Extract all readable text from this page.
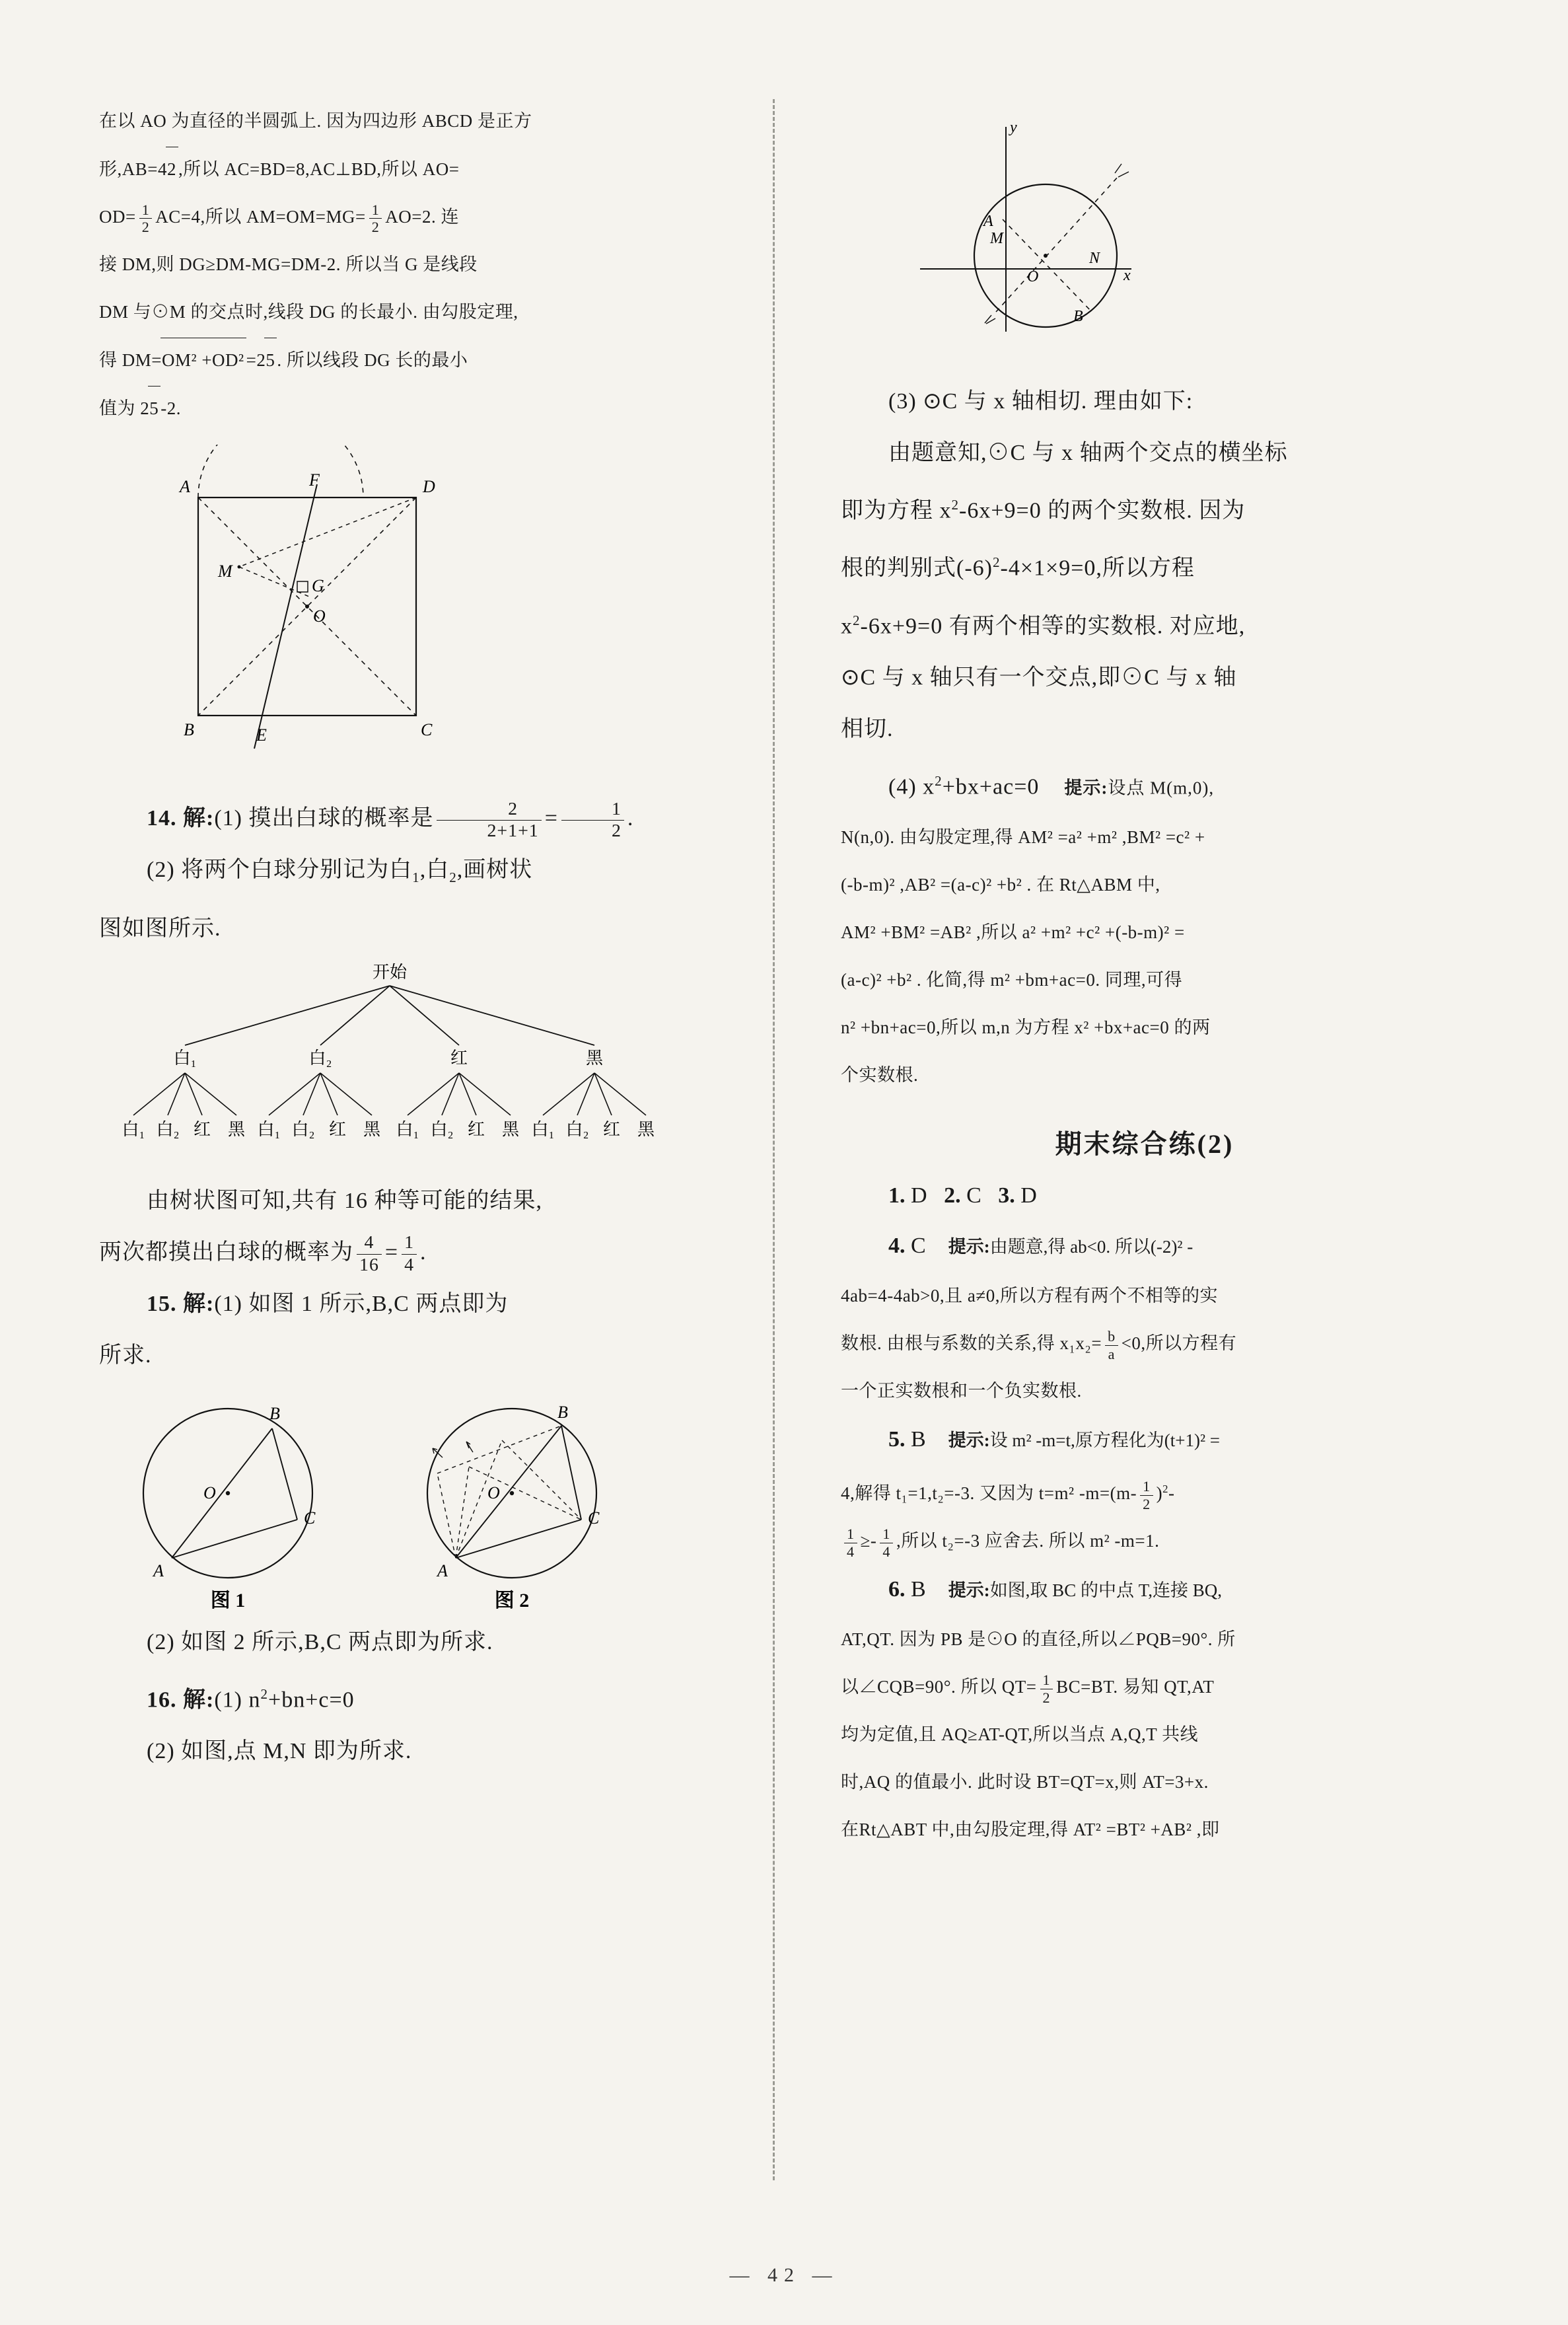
在以 AO 为直径的半圆弧上. 因为四边形 ABCD 是正方

形,AB=42 ,所以 AC=BD=8,AC⊥BD,所以 AO=

$OD= \frac{1}{2} AC=4$,所以 $AM=OM=MG= \frac{1}{2} AO=2$. 连

接 DM,则 DG≥DM-MG=DM-2. 所以当 G 是线段

DM 与⊙M 的交点时,线段 DG 的长最小. 由勾股定理,

得 DM=OM² +OD² =25 . 所以线段 DG 长的最小

值为 25 -2.

A	F	D
M
G
O
B	E	C

14. 解:(1) 摸出白球的概率是 $\frac{2}{2+1+1} = \frac{1}{2}$ .

(2) 将两个白球分别记为白$_1$,白$_2$,画树状

图如图所示.

开始
白₁	白₂	红	黑
白₁ 白₂ 红 黑 白₁ 白₂ 红 黑 白₁ 白₂ 红 黑 白₁ 白₂ 红 黑

由树状图可知,共有 16 种等可能的结果,

两次都摸出白球的概率为 $\frac{4}{16} = \frac{1}{4}$ .

15. 解:(1) 如图 1 所示,B,C 两点即为

所求.

B
O
C
A
B
O
C
A
图 1	图 2

(2) 如图 2 所示,B,C 两点即为所求.

16. 解:(1) $n^2+bn+c=0$

(2) 如图,点 M,N 即为所求.

y
x
A
M
O
N
B

(3) ⊙C 与 x 轴相切. 理由如下:

由题意知,⊙C 与 x 轴两个交点的横坐标

即为方程 $x^2-6x+9=0$ 的两个实数根. 因为

根的判别式$(-6)^2-4\times 1\times 9=0$,所以方程

$x^2-6x+9=0$ 有两个相等的实数根. 对应地,

⊙C 与 x 轴只有一个交点,即⊙C 与 x 轴

相切.

(4) $x^2+bx+ac=0$ 提示:设点 M(m,0),

N(n,0). 由勾股定理,得 AM² =a² +m² ,BM² =c² +

(-b-m)² ,AB² =(a-c)² +b² . 在 Rt△ABM 中,

AM² +BM² =AB² ,所以 a² +m² +c² +(-b-m)² =

(a-c)² +b² . 化简,得 m² +bm+ac=0. 同理,可得

n² +bn+ac=0,所以 m,n 为方程 x² +bx+ac=0 的两

个实数根.

期末综合练(2)

1. D 2. C 3. D

4. C 提示:由题意,得 ab<0. 所以(-2)² -

4ab=4-4ab>0,且 a≠0,所以方程有两个不相等的实

数根. 由根与系数的关系,得 $x_1x_2= \frac{b}{a} <0$,所以方程有

一个正实数根和一个负实数根.

5. B 提示:设 m² -m=t,原方程化为(t+1)² =

4,解得 t₁=1,t₂=-3. 又因为 t=m² $-m=(m- \frac{1}{2} )^2-$

$\frac{1}{4} \ge- \frac{1}{4}$ ,所以 t₂=-3 应舍去. 所以 m² -m=1.

6. B 提示:如图,取 BC 的中点 T,连接 BQ,

AT,QT. 因为 PB 是⊙O 的直径,所以∠PQB=90°. 所

以∠CQB=90°. 所以 $QT= \frac{1}{2} BC=BT$. 易知 QT,AT

均为定值,且 AQ≥AT-QT,所以当点 A,Q,T 共线

时,AQ 的值最小. 此时设 BT=QT=x,则 AT=3+x.

在Rt△ABT 中,由勾股定理,得 AT² =BT² +AB² ,即

— 42 —
